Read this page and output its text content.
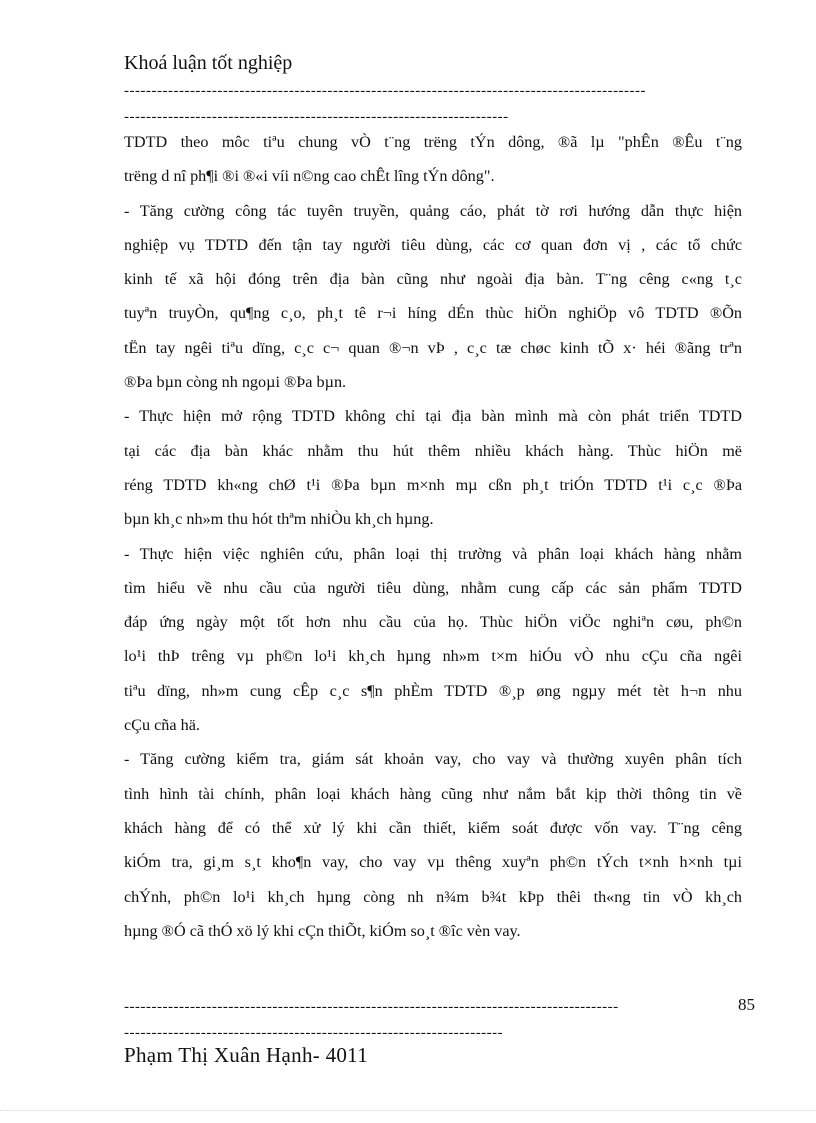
Khoá luận tốt nghiệp
-----------------------------------------------------------------------------------------------
----------------------------------------------------------------------
TDTD theo môc tiªu chung vÒ t¨ng trëng tÝn dông, ®ã lµ "phÊn ®Êu t¨ng
trëng d nî ph¶i ®i ®«i víi n©ng cao chÊt lîng tÝn dông".
- Tăng cường công tác tuyên truyền, quảng cáo, phát tờ rơi hướng dẫn thực hiện
nghiệp vụ TDTD đến tận tay người tiêu dùng, các cơ quan đơn vị , các tổ chức
kinh tế xã hội đóng trên địa bàn cũng như ngoài địa bàn. T¨ng cêng c«ng t¸c
tuyªn truyÒn, qu¶ng c¸o, ph¸t tê r¬i híng dÉn thùc hiÖn nghiÖp vô TDTD ®Õn
tËn tay ngêi tiªu dïng, c¸c c¬ quan ®¬n vÞ , c¸c tæ chøc kinh tÕ x· héi ®ãng trªn
®Þa bµn còng nh ngoµi ®Þa bµn.
- Thực hiện mở rộng TDTD không chỉ tại địa bàn mình mà còn phát triển TDTD
tại các địa bàn khác nhằm thu hút thêm nhiều khách hàng. Thùc hiÖn më
réng TDTD kh«ng chØ t¹i ®Þa bµn m×nh mµ cßn ph¸t triÓn TDTD t¹i c¸c ®Þa
bµn kh¸c nh»m thu hót thªm nhiÒu kh¸ch hµng.
- Thực hiện việc nghiên cứu, phân loại thị trường và phân loại khách hàng nhằm
tìm hiểu về nhu cầu của người tiêu dùng, nhằm cung cấp các sản phẩm TDTD
đáp ứng ngày một tốt hơn nhu cầu của họ. Thùc hiÖn viÖc nghiªn cøu, ph©n
lo¹i thÞ trêng vµ ph©n lo¹i kh¸ch hµng nh»m t×m hiÓu vÒ nhu cÇu cña ngêi
tiªu dïng, nh»m cung cÊp c¸c s¶n phÈm TDTD ®¸p øng ngµy mét tèt h¬n nhu
cÇu cña hä.
- Tăng cường kiểm tra, giám sát khoản vay, cho vay và thường xuyên phân tích
tình hình tài chính, phân loại khách hàng cũng như nắm bắt kịp thời thông tin về
khách hàng để có thể xử lý khi cần thiết, kiểm soát được vốn vay. T¨ng cêng
kiÓm tra, gi¸m s¸t kho¶n vay, cho vay vµ thêng xuyªn ph©n tÝch t×nh h×nh tµi
chÝnh, ph©n lo¹i kh¸ch hµng còng nh n¾m b¾t kÞp thêi th«ng tin vÒ kh¸ch
hµng ®Ó cã thÓ xö lý khi cÇn thiÕt, kiÓm so¸t ®îc vèn vay.
------------------------------------------------------------------------------------------	85
---------------------------------------------------------------------
Phạm Thị Xuân Hạnh- 4011
